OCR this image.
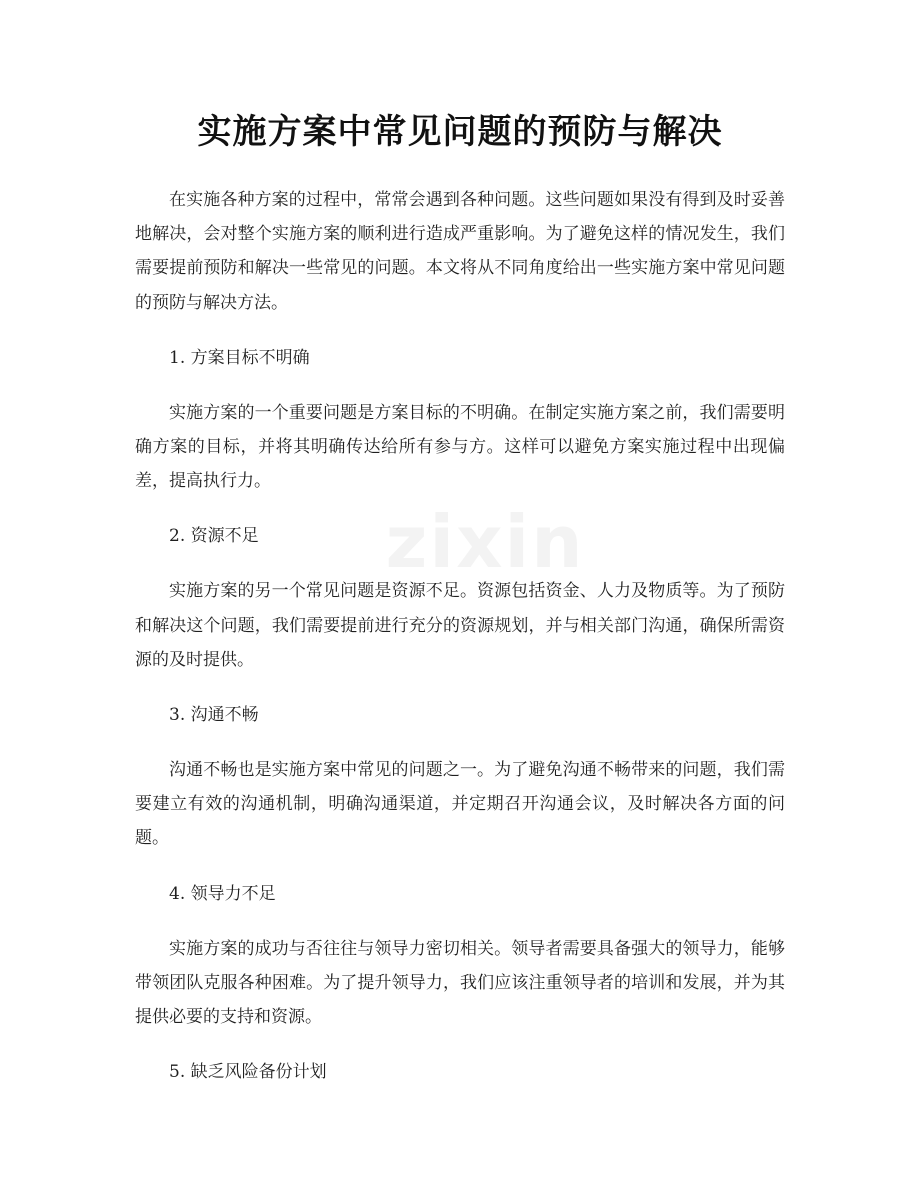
zixin
实施方案中常见问题的预防与解决

在实施各种方案的过程中，常常会遇到各种问题。这些问题如果没有得到及时妥善地解决，会对整个实施方案的顺利进行造成严重影响。为了避免这样的情况发生，我们需要提前预防和解决一些常见的问题。本文将从不同角度给出一些实施方案中常见问题的预防与解决方法。

1. 方案目标不明确

实施方案的一个重要问题是方案目标的不明确。在制定实施方案之前，我们需要明确方案的目标，并将其明确传达给所有参与方。这样可以避免方案实施过程中出现偏差，提高执行力。

2. 资源不足

实施方案的另一个常见问题是资源不足。资源包括资金、人力及物质等。为了预防和解决这个问题，我们需要提前进行充分的资源规划，并与相关部门沟通，确保所需资源的及时提供。

3. 沟通不畅

沟通不畅也是实施方案中常见的问题之一。为了避免沟通不畅带来的问题，我们需要建立有效的沟通机制，明确沟通渠道，并定期召开沟通会议，及时解决各方面的问题。

4. 领导力不足

实施方案的成功与否往往与领导力密切相关。领导者需要具备强大的领导力，能够带领团队克服各种困难。为了提升领导力，我们应该注重领导者的培训和发展，并为其提供必要的支持和资源。

5. 缺乏风险备份计划
